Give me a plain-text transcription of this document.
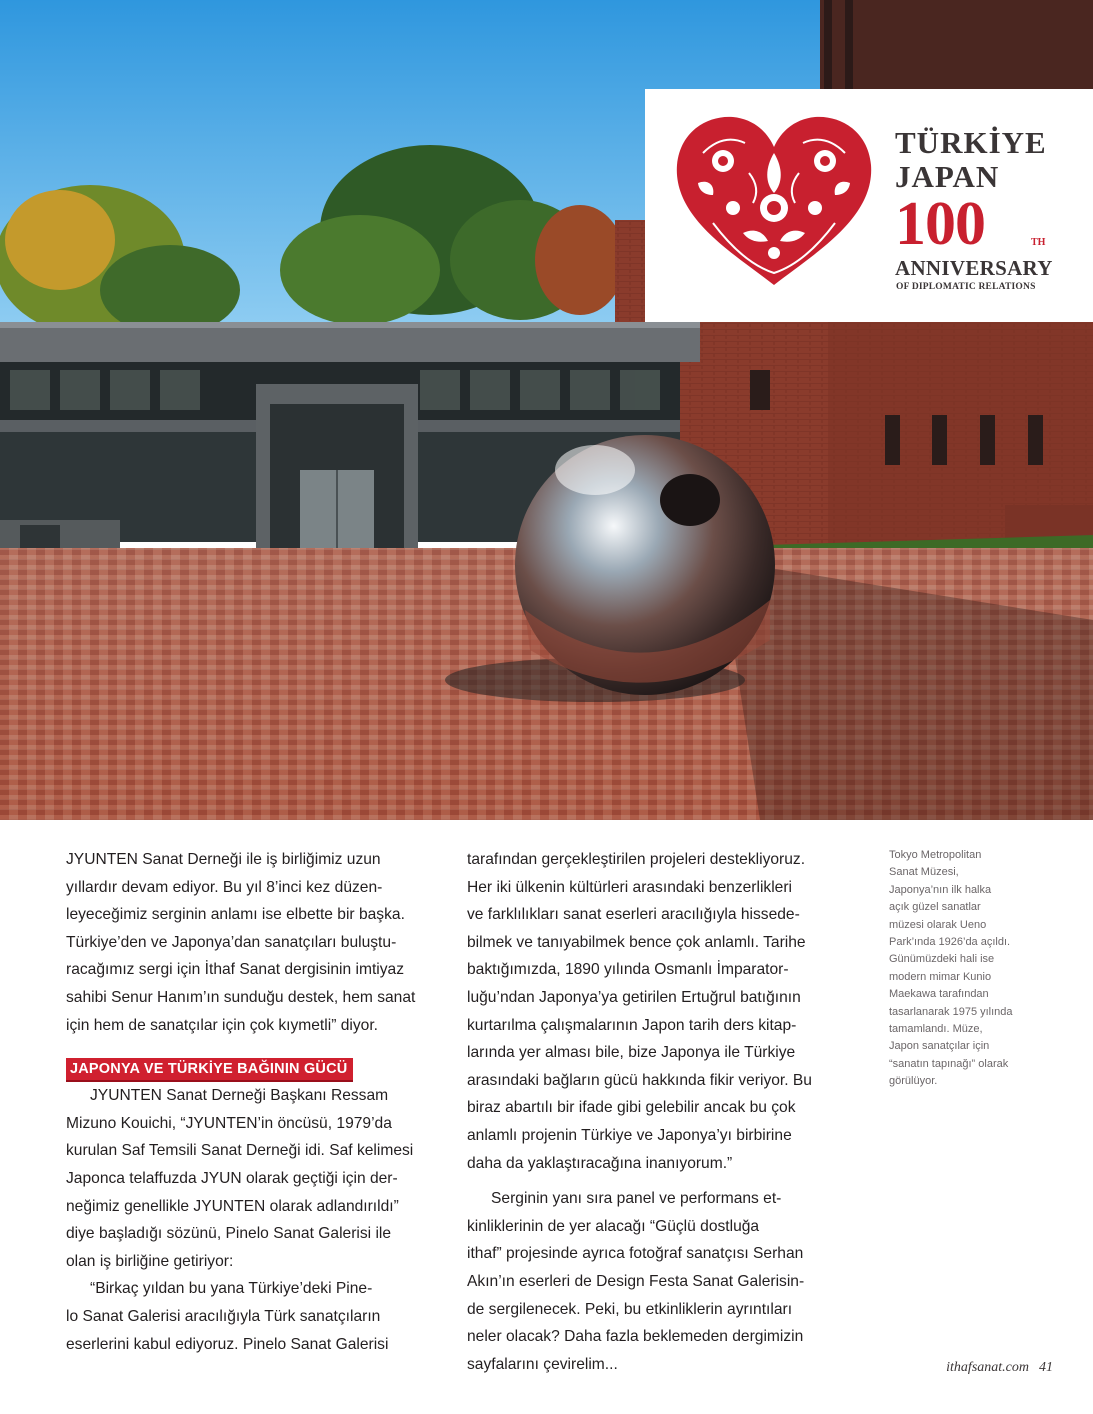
TÜRKİYE
JAPAN
100	TH
ANNIVERSARY
OF DIPLOMATIC RELATIONS

JYUNTEN Sanat Derneği ile iş birliğimiz uzun
yıllardır devam ediyor. Bu yıl 8’inci kez düzen-
leyeceğimiz serginin anlamı ise elbette bir başka.
Türkiye’den ve Japonya’dan sanatçıları buluştu-
racağımız sergi için İthaf Sanat dergisinin imtiyaz
sahibi Senur Hanım’ın sunduğu destek, hem sanat
için hem de sanatçılar için çok kıymetli” diyor.

JAPONYA VE TÜRKİYE BAĞININ GÜCÜ

JYUNTEN Sanat Derneği Başkanı Ressam
Mizuno Kouichi, “JYUNTEN’in öncüsü, 1979’da
kurulan Saf Temsili Sanat Derneği idi. Saf kelimesi
Japonca telaffuzda JYUN olarak geçtiği için der-
neğimiz genellikle JYUNTEN olarak adlandırıldı”
diye başladığı sözünü, Pinelo Sanat Galerisi ile
olan iş birliğine getiriyor:

“Birkaç yıldan bu yana Türkiye’deki Pine-
lo Sanat Galerisi aracılığıyla Türk sanatçıların
eserlerini kabul ediyoruz. Pinelo Sanat Galerisi

tarafından gerçekleştirilen projeleri destekliyoruz.
Her iki ülkenin kültürleri arasındaki benzerlikleri
ve farklılıkları sanat eserleri aracılığıyla hissede-
bilmek ve tanıyabilmek bence çok anlamlı. Tarihe
baktığımızda, 1890 yılında Osmanlı İmparator-
luğu’ndan Japonya’ya getirilen Ertuğrul batığının
kurtarılma çalışmalarının Japon tarih ders kitap-
larında yer alması bile, bize Japonya ile Türkiye
arasındaki bağların gücü hakkında fikir veriyor. Bu
biraz abartılı bir ifade gibi gelebilir ancak bu çok
anlamlı projenin Türkiye ve Japonya’yı birbirine
daha da yaklaştıracağına inanıyorum.”

Serginin yanı sıra panel ve performans et-
kinliklerinin de yer alacağı “Güçlü dostluğa
ithaf” projesinde ayrıca fotoğraf sanatçısı Serhan
Akın’ın eserleri de Design Festa Sanat Galerisin-
de sergilenecek. Peki, bu etkinliklerin ayrıntıları
neler olacak? Daha fazla beklemeden dergimizin
sayfalarını çevirelim...

Tokyo Metropolitan
Sanat Müzesi,
Japonya’nın ilk halka
açık güzel sanatlar
müzesi olarak Ueno
Park’ında 1926’da açıldı.
Günümüzdeki hali ise
modern mimar Kunio
Maekawa tarafından
tasarlanarak 1975 yılında
tamamlandı. Müze,
Japon sanatçılar için
“sanatın tapınağı” olarak
görülüyor.
ithafsanat.com 41
